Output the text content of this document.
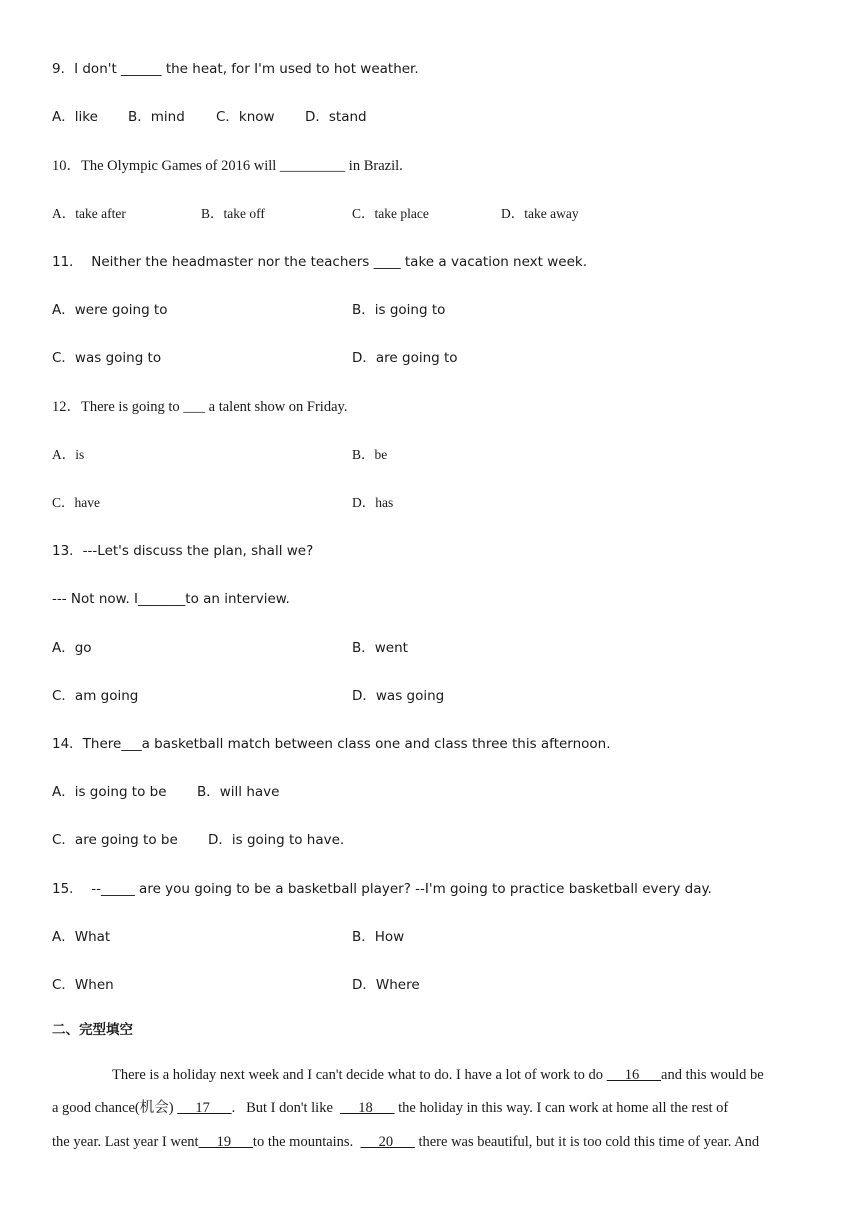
9．I don't ______ the heat, for I'm used to hot weather.
A．like B．mind C．know D．stand
10．The Olympic Games of 2016 will _________ in Brazil.
A．take after	B．take off	C．take place	D．take away
11．  Neither the headmaster nor the teachers ____ take a vacation next week.
A．were going to	B．is going to
C．was going to	D．are going to
12．There is going to ___ a talent show on Friday.
A．is	B．be
C．have	D．has
13．---Let's discuss the plan, shall we?
--- Not now. I_______to an interview.
A．go	B．went
C．am going	D．was going
14．There___a basketball match between class one and class three this afternoon.
A．is going to be B．will have
C．are going to be D．is going to have.
15．  --_____ are you going to be a basketball player? --I'm going to practice basketball every day.
A．What	B．How
C．When	D．Where
二、完型填空
There is a holiday next week and I can't decide what to do. I have a lot of work to do      16      and this would be
a good chance(机会)      17      .   But I don't like       18       the holiday in this way. I can work at home all the rest of
the year. Last year I went     19      to the mountains.       20       there was beautiful, but it is too cold this time of year. And
